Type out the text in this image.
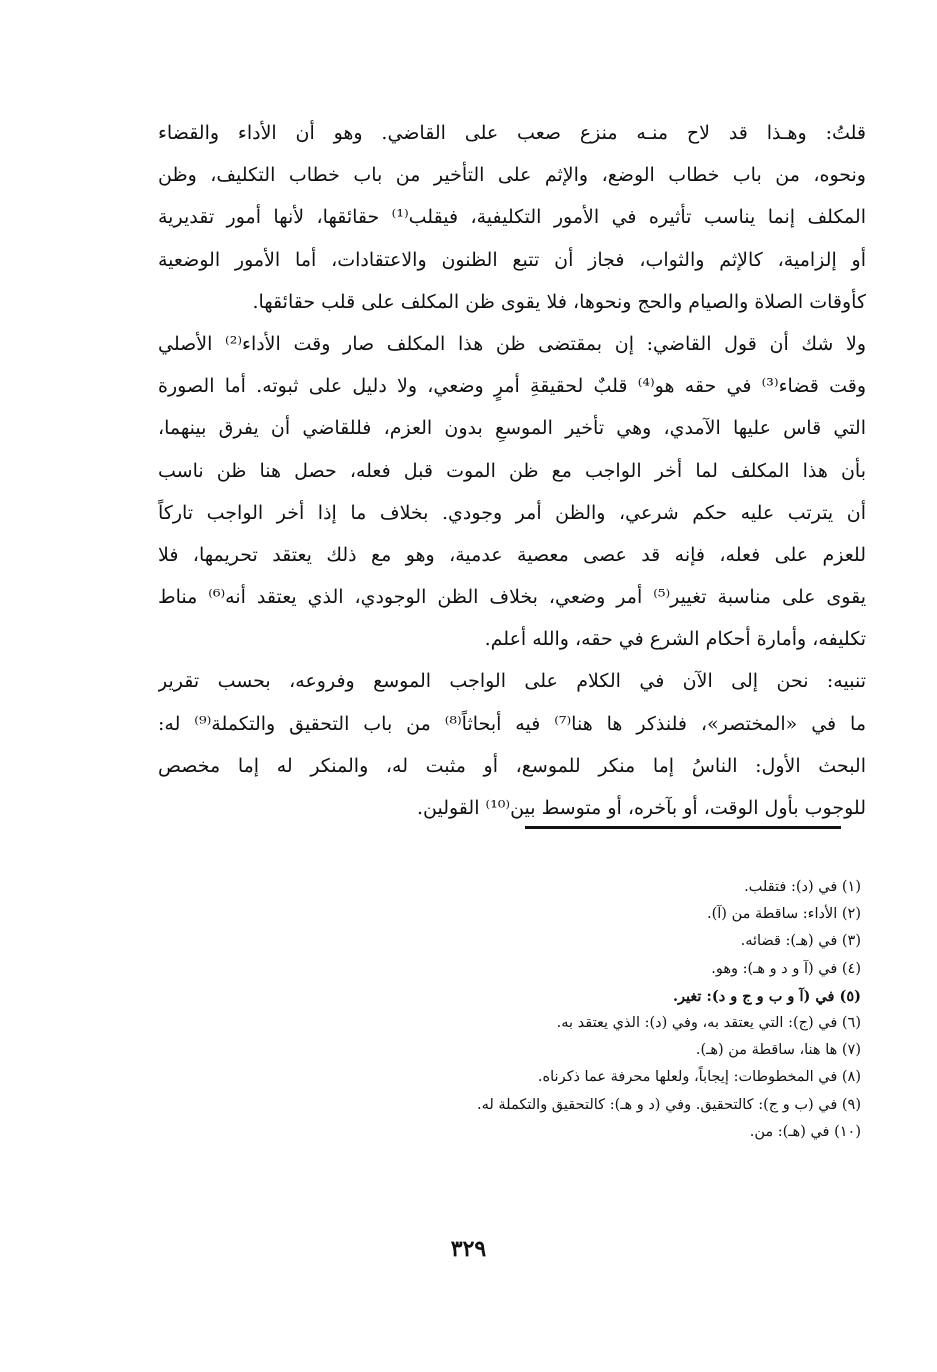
قلتُ: وهـذا قد لاح منـه منزع صعب على القاضي. وهو أن الأداء والقضاء
ونحوه، من باب خطاب الوضع، والإثم على التأخير من باب خطاب التكليف، وظن
المكلف إنما يناسب تأثيره في الأمور التكليفية، فيقلب⁽¹⁾ حقائقها، لأنها أمور تقديرية
أو إلزامية، كالإثم والثواب، فجاز أن تتبع الظنون والاعتقادات، أما الأمور الوضعية
كأوقات الصلاة والصيام والحج ونحوها، فلا يقوى ظن المكلف على قلب حقائقها.
ولا شك أن قول القاضي: إن بمقتضى ظن هذا المكلف صار وقت الأداء⁽²⁾ الأصلي
وقت قضاء⁽³⁾ في حقه هو⁽⁴⁾ قلبٌ لحقيقةِ أمرٍ وضعي، ولا دليل على ثبوته. أما الصورة
التي قاس عليها الآمدي، وهي تأخير الموسعِ بدون العزم، فللقاضي أن يفرق بينهما،
بأن هذا المكلف لما أخر الواجب مع ظن الموت قبل فعله، حصل هنا ظن ناسب
أن يترتب عليه حكم شرعي، والظن أمر وجودي. بخلاف ما إذا أخر الواجب تاركاً
للعزم على فعله، فإنه قد عصى معصية عدمية، وهو مع ذلك يعتقد تحريمها، فلا
يقوى على مناسبة تغيير⁽⁵⁾ أمر وضعي، بخلاف الظن الوجودي، الذي يعتقد أنه⁽⁶⁾ مناط
تكليفه، وأمارة أحكام الشرع في حقه، والله أعلم.
تنبيه: نحن إلى الآن في الكلام على الواجب الموسع وفروعه، بحسب تقرير
ما في «المختصر»، فلنذكر ها هنا⁽⁷⁾ فيه أبحاثاً⁽⁸⁾ من باب التحقيق والتكملة⁽⁹⁾ له:
البحث الأول: الناسُ إما منكر للموسع، أو مثبت له، والمنكر له إما مخصص
للوجوب بأول الوقت، أو بآخره، أو متوسط بين⁽¹⁰⁾ القولين.
(١) في (د): فتقلب.
(٢) الأداء: ساقطة من (آ).
(٣) في (هـ): قضائه.
(٤) في (آ و د و هـ): وهو.
(٥) في (آ و ب و ج و د): تغير.
(٦) في (ج): التي يعتقد به، وفي (د): الذي يعتقد به.
(٧) ها هنا، ساقطة من (هـ).
(٨) في المخطوطات: إيجاباً، ولعلها محرفة عما ذكرناه.
(٩) في (ب و ج): كالتحقيق. وفي (د و هـ): كالتحقيق والتكملة له.
(١٠) في (هـ): من.
٣٢٩
